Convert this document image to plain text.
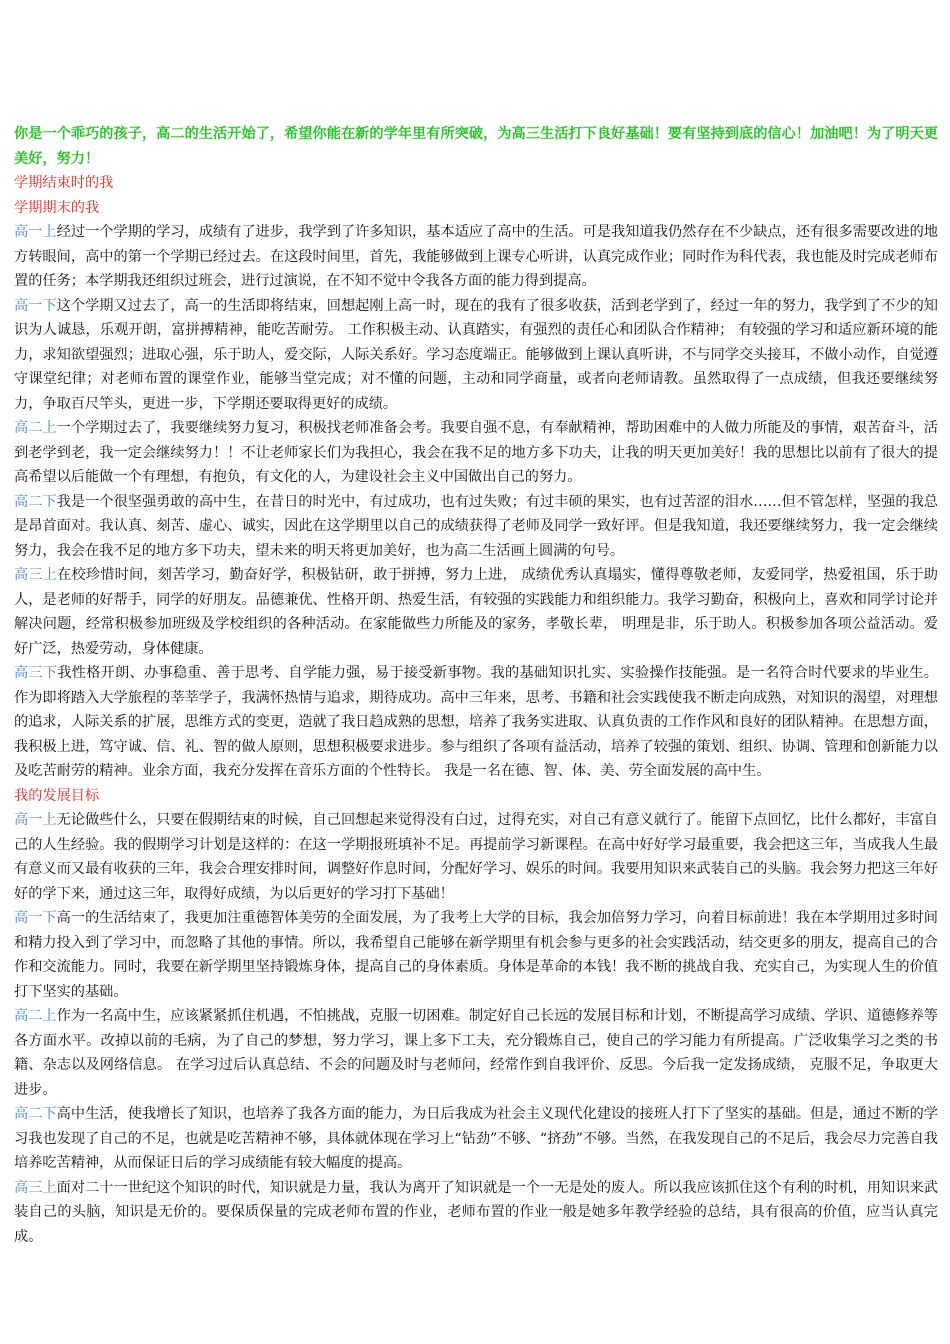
你是一个乖巧的孩子，高二的生活开始了，希望你能在新的学年里有所突破，为高三生活打下良好基础！要有坚持到底的信心！加油吧！为了明天更美好，努力！

学期结束时的我

学期期末的我

高一上经过一个学期的学习，成绩有了进步，我学到了许多知识，基本适应了高中的生活。可是我知道我仍然存在不少缺点，还有很多需要改进的地方转眼间，高中的第一个学期已经过去。在这段时间里，首先，我能够做到上课专心听讲，认真完成作业；同时作为科代表，我也能及时完成老师布置的任务；本学期我还组织过班会，进行过演说，在不知不觉中令我各方面的能力得到提高。

高一下这个学期又过去了，高一的生活即将结束，回想起刚上高一时，现在的我有了很多收获，活到老学到了，经过一年的努力，我学到了不少的知识为人诚恳，乐观开朗，富拼搏精神，能吃苦耐劳。 工作积极主动、认真踏实，有强烈的责任心和团队合作精神； 有较强的学习和适应新环境的能力，求知欲望强烈；进取心强，乐于助人，爱交际，人际关系好。学习态度端正。能够做到上课认真听讲，不与同学交头接耳，不做小动作，自觉遵守课堂纪律；对老师布置的课堂作业，能够当堂完成；对不懂的问题，主动和同学商量，或者向老师请教。虽然取得了一点成绩，但我还要继续努力，争取百尺竿头，更进一步，下学期还要取得更好的成绩。

高二上一个学期过去了，我要继续努力复习，积极找老师准备会考。我要自强不息，有奉献精神，帮助困难中的人做力所能及的事情，艰苦奋斗，活到老学到老，我一定会继续努力！！不让老师家长们为我担心，我会在我不足的地方多下功夫，让我的明天更加美好！我的思想比以前有了很大的提高希望以后能做一个有理想，有抱负，有文化的人，为建设社会主义中国做出自己的努力。

高二下我是一个很坚强勇敢的高中生，在昔日的时光中，有过成功，也有过失败；有过丰硕的果实，也有过苦涩的泪水……但不管怎样，坚强的我总是昂首面对。我认真、刻苦、虚心、诚实，因此在这学期里以自己的成绩获得了老师及同学一致好评。但是我知道，我还要继续努力，我一定会继续努力，我会在我不足的地方多下功夫，望未来的明天将更加美好，也为高二生活画上圆满的句号。

高三上在校珍惜时间，刻苦学习，勤奋好学，积极钻研，敢于拼搏，努力上进， 成绩优秀认真塌实，懂得尊敬老师，友爱同学，热爱祖国，乐于助人，是老师的好帮手，同学的好朋友。品德兼优、性格开朗、热爱生活，有较强的实践能力和组织能力。我学习勤奋，积极向上，喜欢和同学讨论并解决问题，经常积极参加班级及学校组织的各种活动。在家能做些力所能及的家务，孝敬长辈， 明理是非，乐于助人。积极参加各项公益活动。爱好广泛，热爱劳动，身体健康。

高三下我性格开朗、办事稳重、善于思考、自学能力强，易于接受新事物。我的基础知识扎实、实验操作技能强。是一名符合时代要求的毕业生。 作为即将踏入大学旅程的莘莘学子，我满怀热情与追求，期待成功。高中三年来，思考、书籍和社会实践使我不断走向成熟，对知识的渴望，对理想的追求，人际关系的扩展，思维方式的变更，造就了我日趋成熟的思想，培养了我务实进取、认真负责的工作作风和良好的团队精神。在思想方面， 我积极上进，笃守诚、信、礼、智的做人原则，思想积极要求进步。参与组织了各项有益活动，培养了较强的策划、组织、协调、管理和创新能力以及吃苦耐劳的精神。业余方面，我充分发挥在音乐方面的个性特长。 我是一名在德、智、体、美、劳全面发展的高中生。

我的发展目标

高一上无论做些什么，只要在假期结束的时候，自己回想起来觉得没有白过，过得充实，对自己有意义就行了。能留下点回忆，比什么都好，丰富自己的人生经验。我的假期学习计划是这样的：在这一学期报班填补不足。再提前学习新课程。在高中好好学习最重要，我会把这三年，当成我人生最有意义而又最有收获的三年，我会合理安排时间，调整好作息时间，分配好学习、娱乐的时间。我要用知识来武装自己的头脑。我会努力把这三年好好的学下来，通过这三年，取得好成绩，为以后更好的学习打下基础！

高一下高一的生活结束了，我更加注重德智体美劳的全面发展，为了我考上大学的目标，我会加倍努力学习，向着目标前进！我在本学期用过多时间和精力投入到了学习中，而忽略了其他的事情。所以，我希望自己能够在新学期里有机会参与更多的社会实践活动，结交更多的朋友，提高自己的合作和交流能力。同时，我要在新学期里坚持锻炼身体，提高自己的身体素质。身体是革命的本钱！我不断的挑战自我、充实自己，为实现人生的价值打下坚实的基础。

高二上作为一名高中生，应该紧紧抓住机遇，不怕挑战，克服一切困难。制定好自己长远的发展目标和计划，不断提高学习成绩、学识、道德修养等各方面水平。改掉以前的毛病，为了自己的梦想，努力学习，课上多下工夫，充分锻炼自己，使自己的学习能力有所提高。广泛收集学习之类的书籍、杂志以及网络信息。 在学习过后认真总结、不会的问题及时与老师问，经常作到自我评价、反思。今后我一定发扬成绩， 克服不足，争取更大进步。

高二下高中生活，使我增长了知识，也培养了我各方面的能力，为日后我成为社会主义现代化建设的接班人打下了坚实的基础。但是，通过不断的学习我也发现了自己的不足，也就是吃苦精神不够，具体就体现在学习上“钻劲”不够、“挤劲”不够。当然，在我发现自己的不足后，我会尽力完善自我培养吃苦精神，从而保证日后的学习成绩能有较大幅度的提高。

高三上面对二十一世纪这个知识的时代，知识就是力量，我认为离开了知识就是一个一无是处的废人。所以我应该抓住这个有利的时机，用知识来武装自己的头脑，知识是无价的。要保质保量的完成老师布置的作业，老师布置的作业一般是她多年教学经验的总结，具有很高的价值，应当认真完成。
